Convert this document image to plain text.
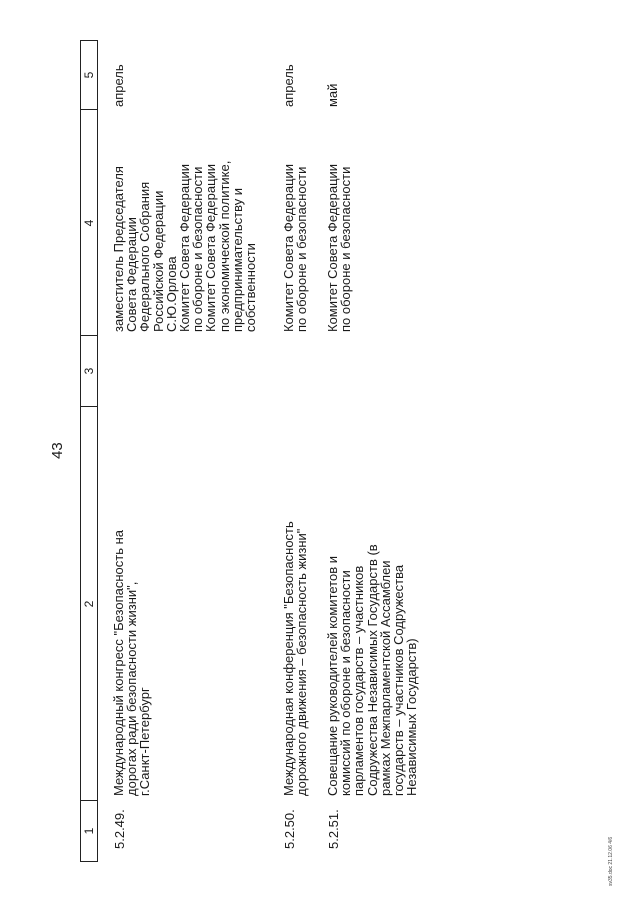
43
1
2
3
4
5
5.2.49.
Международный конгресс "Безопасность на
дорогах ради безопасности жизни",
г.Санкт-Петербург
заместитель Председателя
Совета Федерации
Федерального Собрания
Российской Федерации
С.Ю.Орлова
Комитет Совета Федерации
по обороне и безопасности
Комитет Совета Федерации
по экономической политике,
предпринимательству и
собственности
апрель
5.2.50.
Международная конференция "Безопасность
дорожного движения – безопасность жизни"
Комитет Совета Федерации
по обороне и безопасности
апрель
5.2.51.
Совещание руководителей комитетов и
комиссий по обороне и безопасности
парламентов государств – участников
Содружества Независимых Государств (в
рамках Межпарламентской Ассамблеи
государств – участников Содружества
Независимых Государств)
Комитет Совета Федерации
по обороне и безопасности
май
sv35.doc 21.12.06 4/6
